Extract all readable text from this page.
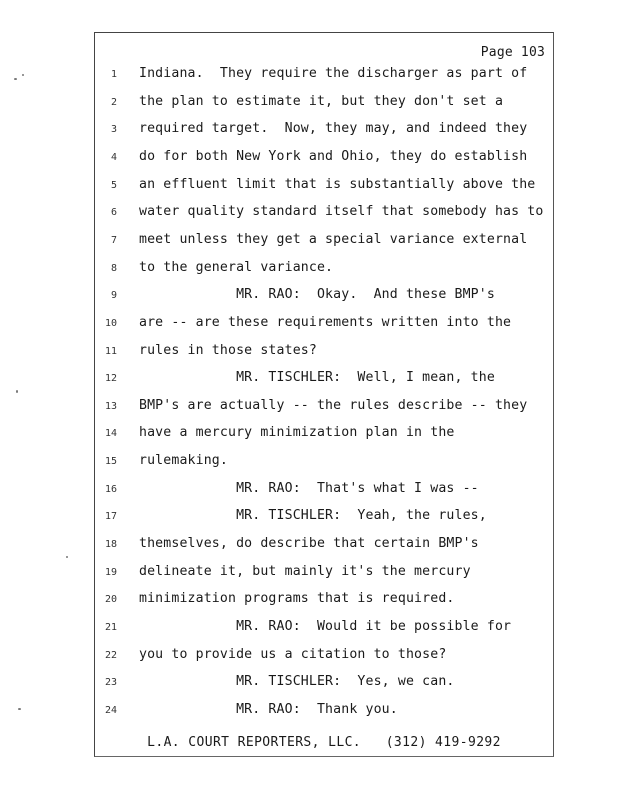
Page 103
1 Indiana.  They require the discharger as part of
2 the plan to estimate it, but they don't set a
3 required target.  Now, they may, and indeed they
4 do for both New York and Ohio, they do establish
5 an effluent limit that is substantially above the
6 water quality standard itself that somebody has to
7 meet unless they get a special variance external
8 to the general variance.
9 MR. RAO:  Okay.  And these BMP's
10 are -- are these requirements written into the
11 rules in those states?
12 MR. TISCHLER:  Well, I mean, the
13 BMP's are actually -- the rules describe -- they
14 have a mercury minimization plan in the
15 rulemaking.
16 MR. RAO:  That's what I was --
17 MR. TISCHLER:  Yeah, the rules,
18 themselves, do describe that certain BMP's
19 delineate it, but mainly it's the mercury
20 minimization programs that is required.
21 MR. RAO:  Would it be possible for
22 you to provide us a citation to those?
23 MR. TISCHLER:  Yes, we can.
24 MR. RAO:  Thank you.
L.A. COURT REPORTERS, LLC.   (312) 419-9292
